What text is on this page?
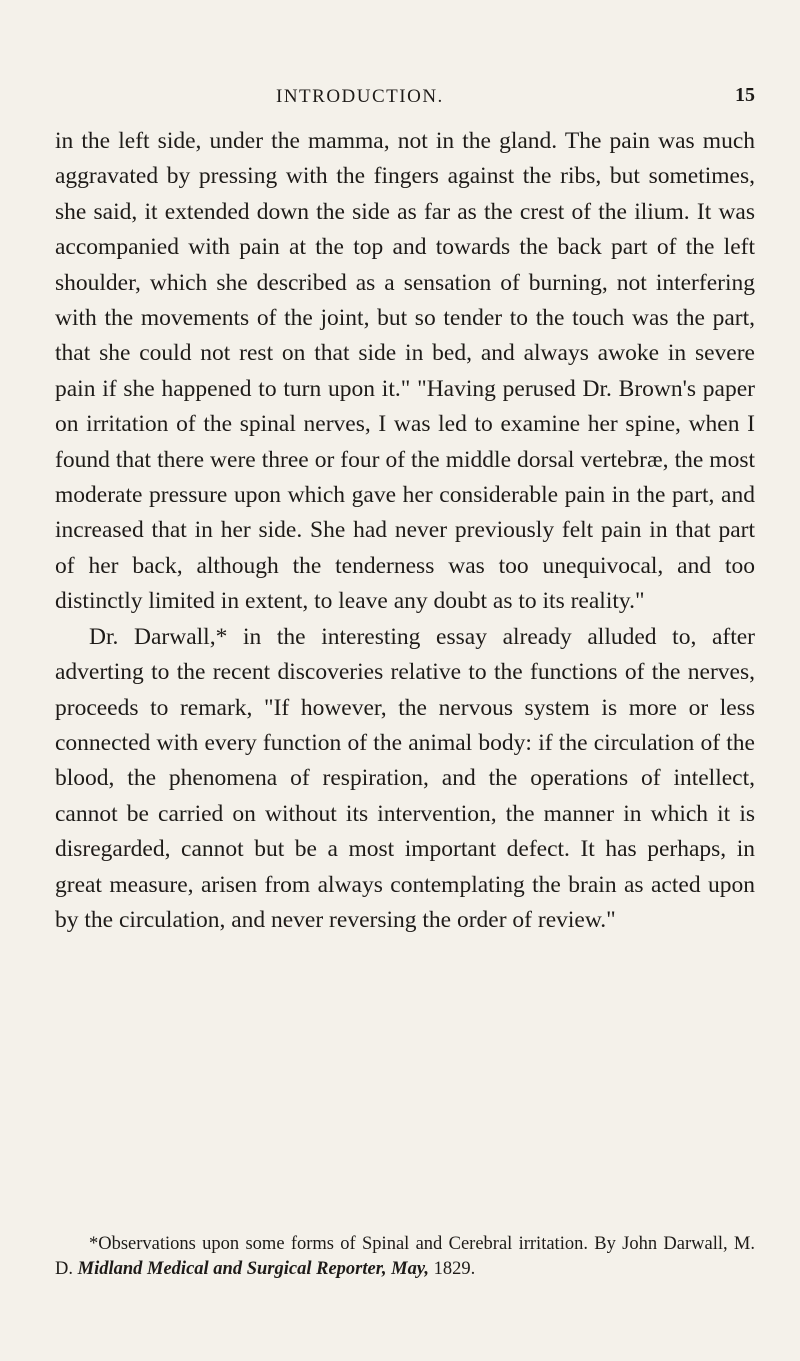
INTRODUCTION.	15

in the left side, under the mamma, not in the gland. The pain was much aggravated by pressing with the fingers against the ribs, but sometimes, she said, it extended down the side as far as the crest of the ilium. It was accompanied with pain at the top and towards the back part of the left shoulder, which she described as a sensation of burning, not interfering with the movements of the joint, but so tender to the touch was the part, that she could not rest on that side in bed, and always awoke in severe pain if she happened to turn upon it." "Having perused Dr. Brown's paper on irritation of the spinal nerves, I was led to examine her spine, when I found that there were three or four of the middle dorsal vertebræ, the most moderate pressure upon which gave her considerable pain in the part, and increased that in her side. She had never previously felt pain in that part of her back, although the tenderness was too unequivocal, and too distinctly limited in extent, to leave any doubt as to its reality."

Dr. Darwall,* in the interesting essay already alluded to, after adverting to the recent discoveries relative to the functions of the nerves, proceeds to remark, "If however, the nervous system is more or less connected with every function of the animal body: if the circulation of the blood, the phenomena of respiration, and the operations of intellect, cannot be carried on without its intervention, the manner in which it is disregarded, cannot but be a most important defect. It has perhaps, in great measure, arisen from always contemplating the brain as acted upon by the circulation, and never reversing the order of review."

*Observations upon some forms of Spinal and Cerebral irritation. By John Darwall, M. D. Midland Medical and Surgical Reporter, May, 1829.
